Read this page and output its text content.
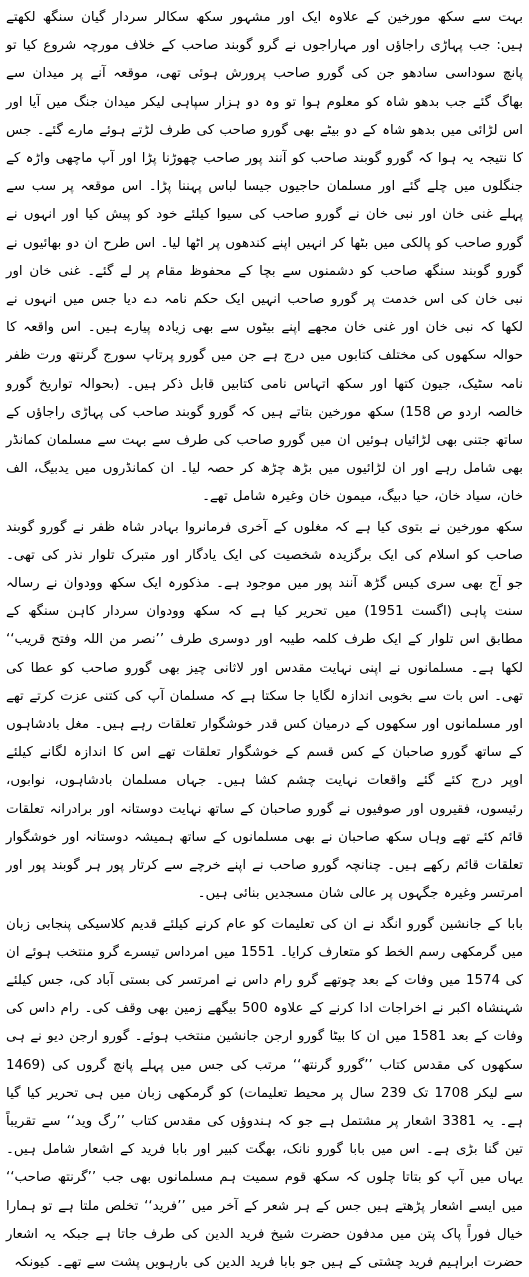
بہت سے سکھ مورخین کے علاوہ ایک اور مشہور سکھ سکالر سردار گیان سنگھ لکھتے ہیں: جب پہاڑی راجاؤں اور مہاراجوں نے گرو گوبند صاحب کے خلاف مورچہ شروع کیا تو پانچ سوداسی سادھو جن کی گورو صاحب پرورش ہوئی تھی، موقعہ آنے پر میدان سے بھاگ گئے جب بدھو شاہ کو معلوم ہوا تو وہ دو ہزار سپاہی لیکر میدان جنگ میں آیا اور اس لڑائی میں بدھو شاہ کے دو بیٹے بھی گورو صاحب کی طرف لڑتے ہوئے مارے گئے۔ جس کا نتیجہ یہ ہوا کہ گورو گوبند صاحب کو آنند پور صاحب چھوڑنا پڑا اور آپ ماچھی واڑہ کے جنگلوں میں چلے گئے اور مسلمان حاجیوں جیسا لباس پہننا پڑا۔ اس موقعہ پر سب سے پہلے غنی خان اور نبی خان نے گورو صاحب کی سیوا کیلئے خود کو پیش کیا اور انہوں نے گورو صاحب کو پالکی میں بٹھا کر انہیں اپنے کندھوں پر اٹھا لیا۔ اس طرح ان دو بھائیوں نے گورو گوبند سنگھ صاحب کو دشمنوں سے بچا کے محفوظ مقام پر لے گئے۔ غنی خان اور نبی خان کی اس خدمت پر گورو صاحب انہیں ایک حکم نامہ دے دیا جس میں انہوں نے لکھا کہ نبی خان اور غنی خان مجھے اپنے بیٹوں سے بھی زیادہ پیارے ہیں۔ اس واقعہ کا حوالہ سکھوں کی مختلف کتابوں میں درج ہے جن میں گورو پرتاپ سورج گرنتھ ورت ظفر نامہ سٹیک، جیون کتھا اور سکھ اتہاس نامی کتابیں قابل ذکر ہیں۔ (بحوالہ تواریخ گورو خالصہ اردو ص 158) سکھ مورخین بتاتے ہیں کہ گورو گوبند صاحب کی پہاڑی راجاؤں کے ساتھ جتنی بھی لڑائیاں ہوئیں ان میں گورو صاحب کی طرف سے بہت سے مسلمان کمانڈر بھی شامل رہے اور ان لڑائیوں میں بڑھ چڑھ کر حصہ لیا۔ ان کمانڈروں میں یدبیگ، الف خان، سیاد خان، حیا دبیگ، میمون خان وغیرہ شامل تھے۔

سکھ مورخین نے بتوی کیا ہے کہ مغلوں کے آخری فرمانروا بہادر شاہ ظفر نے گورو گوبند صاحب کو اسلام کی ایک برگزیدہ شخصیت کی ایک یادگار اور متبرک تلوار نذر کی تھی۔ جو آج بھی سری کیس گڑھ آنند پور میں موجود ہے۔ مذکورہ ایک سکھ وودوان نے رسالہ سنت پاہی (اگست 1951) میں تحریر کیا ہے کہ سکھ وودوان سردار کاہن سنگھ کے مطابق اس تلوار کے ایک طرف کلمہ طیبہ اور دوسری طرف ’’نصر من اللہ وفتح قریب‘‘ لکھا ہے۔ مسلمانوں نے اپنی نہایت مقدس اور لاثانی چیز بھی گورو صاحب کو عطا کی تھی۔ اس بات سے بخوبی اندازہ لگایا جا سکتا ہے کہ مسلمان آپ کی کتنی عزت کرتے تھے اور مسلمانوں اور سکھوں کے درمیان کس قدر خوشگوار تعلقات رہے ہیں۔ مغل بادشاہوں کے ساتھ گورو صاحبان کے کس قسم کے خوشگوار تعلقات تھے اس کا اندازہ لگانے کیلئے اوپر درج کئے گئے واقعات نہایت چشم کشا ہیں۔ جہاں مسلمان بادشاہوں، نوابوں، رئیسوں، فقیروں اور صوفیوں نے گورو صاحبان کے ساتھ نہایت دوستانہ اور برادرانہ تعلقات قائم کئے تھے وہاں سکھ صاحبان نے بھی مسلمانوں کے ساتھ ہمیشہ دوستانہ اور خوشگوار تعلقات قائم رکھے ہیں۔ چنانچہ گورو صاحب نے اپنے خرچے سے کرتار پور ہر گوبند پور اور امرتسر وغیرہ جگہوں پر عالی شان مسجدیں بنائی ہیں۔

بابا کے جانشین گورو انگد نے ان کی تعلیمات کو عام کرنے کیلئے قدیم کلاسیکی پنجابی زبان میں گرمکھی رسم الخط کو متعارف کرایا۔ 1551 میں امرداس تیسرے گرو منتخب ہوئے ان کی 1574 میں وفات کے بعد چوتھے گرو رام داس نے امرتسر کی بستی آباد کی، جس کیلئے شہنشاہ اکبر نے اخراجات ادا کرنے کے علاوہ 500 بیگھے زمین بھی وقف کی۔ رام داس کی وفات کے بعد 1581 میں ان کا بیٹا گورو ارجن جانشین منتخب ہوئے۔ گورو ارجن دیو نے ہی سکھوں کی مقدس کتاب ’’گورو گرنتھ‘‘ مرتب کی جس میں پہلے پانچ گروں کی (1469 سے لیکر 1708 تک 239 سال پر محیط تعلیمات) کو گرمکھی زبان میں ہی تحریر کیا گیا ہے۔ یہ 3381 اشعار پر مشتمل ہے جو کہ ہندوؤں کی مقدس کتاب ’’رگ وید‘‘ سے تقریباً تین گنا بڑی ہے۔ اس میں بابا گورو نانک، بھگت کبیر اور بابا فرید کے اشعار شامل ہیں۔ یہاں میں آپ کو بتاتا چلوں کہ سکھ قوم سمیت ہم مسلمانوں بھی جب ’’گرنتھ صاحب‘‘ میں ایسے اشعار پڑھتے ہیں جس کے ہر شعر کے آخر میں ’’فرید‘‘ تخلص ملتا ہے تو ہمارا خیال فوراً پاک پتن میں مدفون حضرت شیخ فرید الدین کی طرف جاتا ہے جبکہ یہ اشعار حضرت ابراہیم فرید چشتی کے ہیں جو بابا فرید الدین کی بارہویں پشت سے تھے۔ کیونکہ
